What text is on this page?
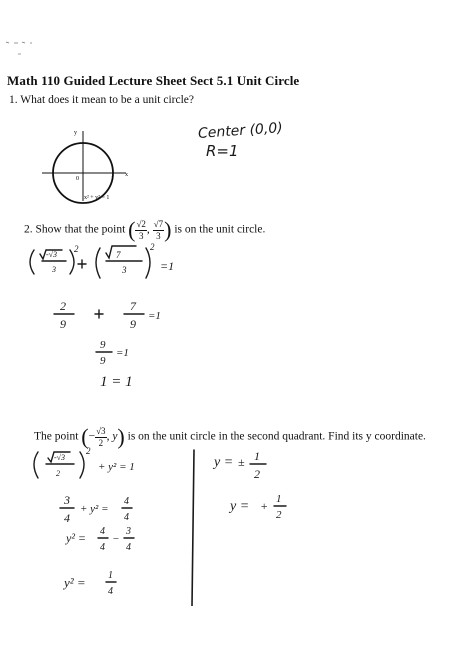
Math 110 Guided Lecture Sheet Sect 5.1 Unit Circle
1. What does it mean to be a unit circle?
y
x
0	1
x² + y² = 1
Center (0,0)
R=1
2. Show that the point ( $\frac{√2}{3}$ , $\frac{√7}{3}$ ) is on the unit circle.
-√3
3
2
7
3
2
=1
2
9
7
9
=1
9
9
=1
1 = 1
The point (− $\frac{√3}{2}$ , y) is on the unit circle in the second quadrant. Find its y coordinate.
-√3
2
2
+ y² = 1
3
4
+ y² =
4
4
y² = 4
4
−
3
4
y² = 1
4
y = ± 1
2
y = + 1
2
